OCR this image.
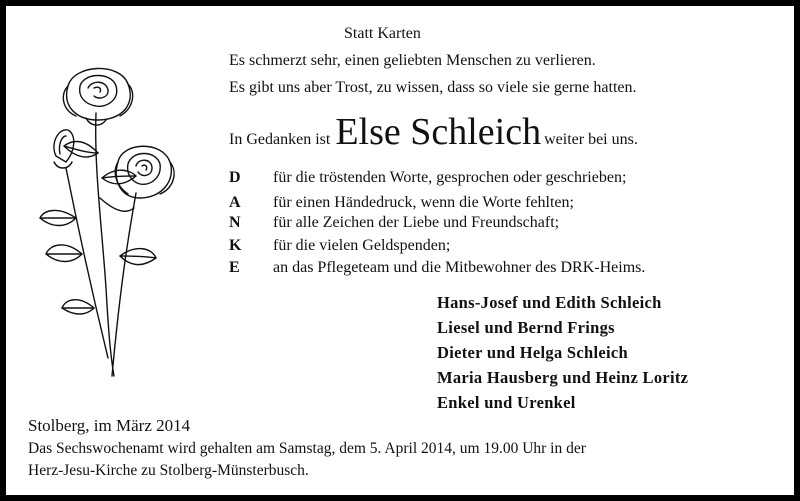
Statt Karten
Es schmerzt sehr, einen geliebten Menschen zu verlieren.
Es gibt uns aber Trost, zu wissen, dass so viele sie gerne hatten.
In Gedanken ist Else Schleich weiter bei uns.
D	für die tröstenden Worte, gesprochen oder geschrieben;
A	für einen Händedruck, wenn die Worte fehlten;
N	für alle Zeichen der Liebe und Freundschaft;
K	für die vielen Geldspenden;
E	an das Pflegeteam und die Mitbewohner des DRK-Heims.
Hans-Josef und Edith Schleich
Liesel und Bernd Frings
Dieter und Helga Schleich
Maria Hausberg und Heinz Loritz
Enkel und Urenkel
Stolberg, im März 2014
Das Sechswochenamt wird gehalten am Samstag, dem 5. April 2014, um 19.00 Uhr in der
Herz-Jesu-Kirche zu Stolberg-Münsterbusch.
